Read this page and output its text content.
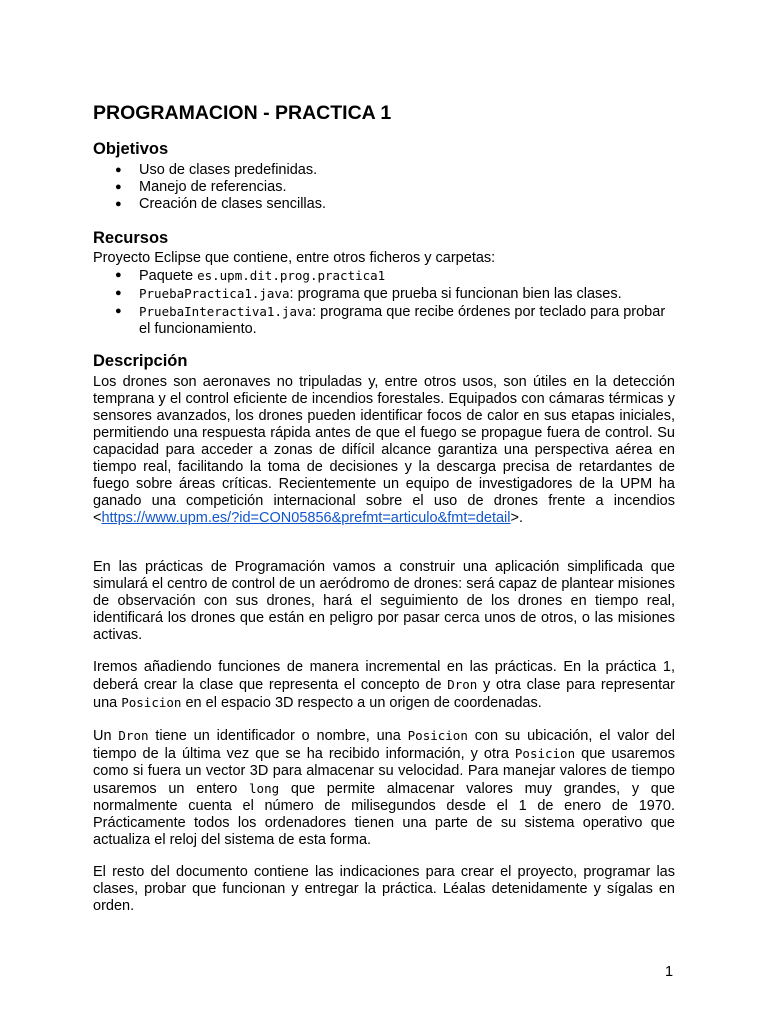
PROGRAMACION - PRACTICA 1
Objetivos
● Uso de clases predefinidas.
● Manejo de referencias.
● Creación de clases sencillas.
Recursos

Proyecto Eclipse que contiene, entre otros ficheros y carpetas:

● Paquete es.upm.dit.prog.practica1
● PruebaPractica1.java: programa que prueba si funcionan bien las clases.
● PruebaInteractiva1.java: programa que recibe órdenes por teclado para probar el funcionamiento.
Descripción

Los drones son aeronaves no tripuladas y, entre otros usos, son útiles en la detección temprana y el control eficiente de incendios forestales. Equipados con cámaras térmicas y sensores avanzados, los drones pueden identificar focos de calor en sus etapas iniciales, permitiendo una respuesta rápida antes de que el fuego se propague fuera de control. Su capacidad para acceder a zonas de difícil alcance garantiza una perspectiva aérea en tiempo real, facilitando la toma de decisiones y la descarga precisa de retardantes de fuego sobre áreas críticas. Recientemente un equipo de investigadores de la UPM ha ganado una competición internacional sobre el uso de drones frente a incendios <https://www.upm.es/?id=CON05856&prefmt=articulo&fmt=detail>.

En las prácticas de Programación vamos a construir una aplicación simplificada que simulará el centro de control de un aeródromo de drones: será capaz de plantear misiones de observación con sus drones, hará el seguimiento de los drones en tiempo real, identificará los drones que están en peligro por pasar cerca unos de otros, o las misiones activas.

Iremos añadiendo funciones de manera incremental en las prácticas. En la práctica 1, deberá crear la clase que representa el concepto de Dron y otra clase para representar una Posicion en el espacio 3D respecto a un origen de coordenadas.

Un Dron tiene un identificador o nombre, una Posicion con su ubicación, el valor del tiempo de la última vez que se ha recibido información, y otra Posicion que usaremos como si fuera un vector 3D para almacenar su velocidad. Para manejar valores de tiempo usaremos un entero long que permite almacenar valores muy grandes, y que normalmente cuenta el número de milisegundos desde el 1 de enero de 1970. Prácticamente todos los ordenadores tienen una parte de su sistema operativo que actualiza el reloj del sistema de esta forma.

El resto del documento contiene las indicaciones para crear el proyecto, programar las clases, probar que funcionan y entregar la práctica. Léalas detenidamente y sígalas en orden.

1
